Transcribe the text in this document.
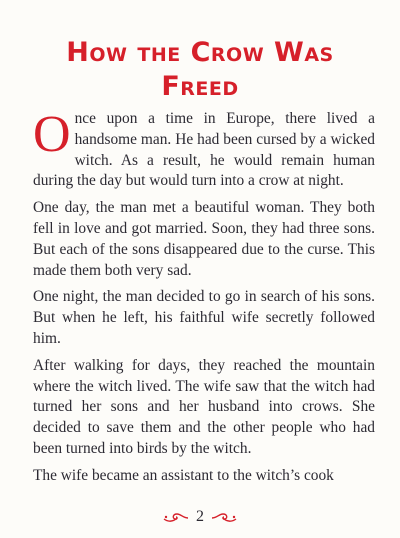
How the Crow Was
Freed

Once upon a time in Europe, there lived a handsome man. He had been cursed by a wicked witch. As a result, he would remain human during the day but would turn into a crow at night.

One day, the man met a beautiful woman. They both fell in love and got married. Soon, they had three sons. But each of the sons disappeared due to the curse. This made them both very sad.

One night, the man decided to go in search of his sons. But when he left, his faithful wife secretly followed him.

After walking for days, they reached the mountain where the witch lived. The wife saw that the witch had turned her sons and her husband into crows. She decided to save them and the other people who had been turned into birds by the witch.

The wife became an assistant to the witch’s cook

2
